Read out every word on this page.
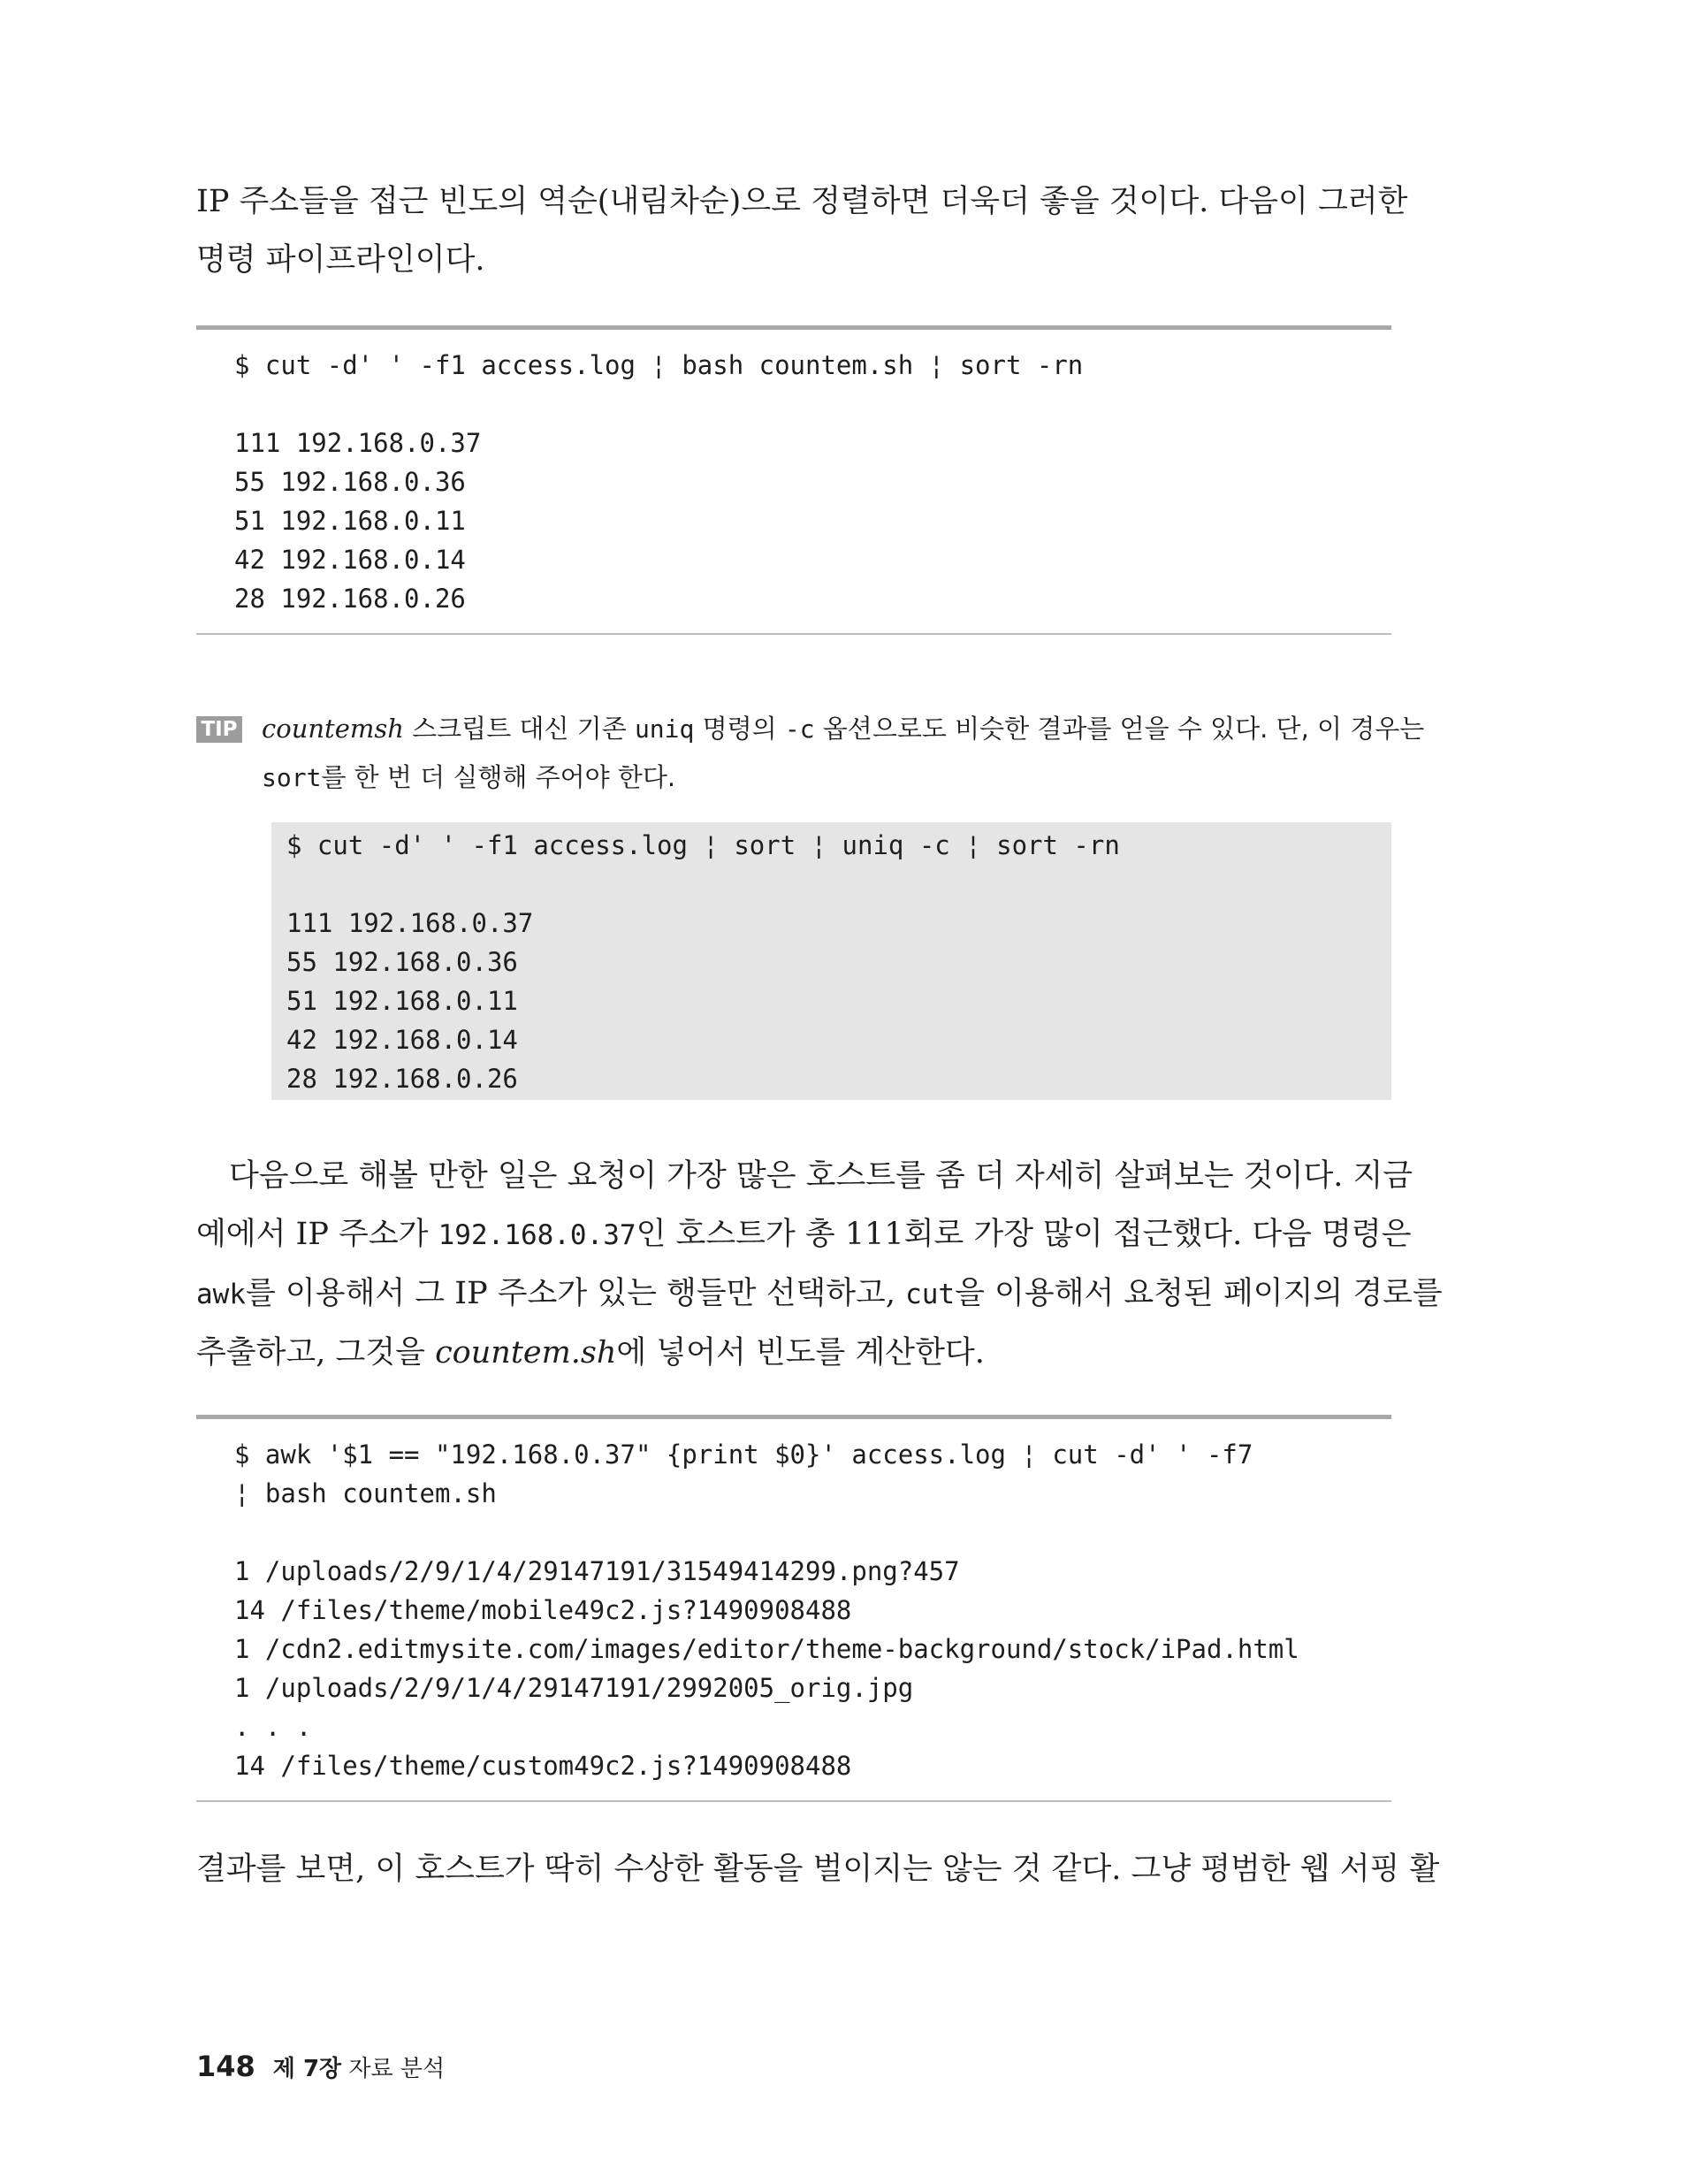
IP 주소들을 접근 빈도의 역순(내림차순)으로 정렬하면 더욱더 좋을 것이다. 다음이 그러한
명령 파이프라인이다.
$ cut -d' ' -f1 access.log ¦ bash countem.sh ¦ sort -rn
111 192.168.0.37
55 192.168.0.36
51 192.168.0.11
42 192.168.0.14
28 192.168.0.26
TIP countemsh 스크립트 대신 기존 uniq 명령의 -c 옵션으로도 비슷한 결과를 얻을 수 있다. 단, 이 경우는
sort를 한 번 더 실행해 주어야 한다.
$ cut -d' ' -f1 access.log ¦ sort ¦ uniq -c ¦ sort -rn
111 192.168.0.37
55 192.168.0.36
51 192.168.0.11
42 192.168.0.14
28 192.168.0.26
다음으로 해볼 만한 일은 요청이 가장 많은 호스트를 좀 더 자세히 살펴보는 것이다. 지금
예에서 IP 주소가 192.168.0.37인 호스트가 총 111회로 가장 많이 접근했다. 다음 명령은
awk를 이용해서 그 IP 주소가 있는 행들만 선택하고, cut을 이용해서 요청된 페이지의 경로를
추출하고, 그것을 countem.sh에 넣어서 빈도를 계산한다.
$ awk '$1 == "192.168.0.37" {print $0}' access.log ¦ cut -d' ' -f7
¦ bash countem.sh
1 /uploads/2/9/1/4/29147191/31549414299.png?457
14 /files/theme/mobile49c2.js?1490908488
1 /cdn2.editmysite.com/images/editor/theme-background/stock/iPad.html
1 /uploads/2/9/1/4/29147191/2992005_orig.jpg
. . .
14 /files/theme/custom49c2.js?1490908488
결과를 보면, 이 호스트가 딱히 수상한 활동을 벌이지는 않는 것 같다. 그냥 평범한 웹 서핑 활
148 제 7장 자료 분석
